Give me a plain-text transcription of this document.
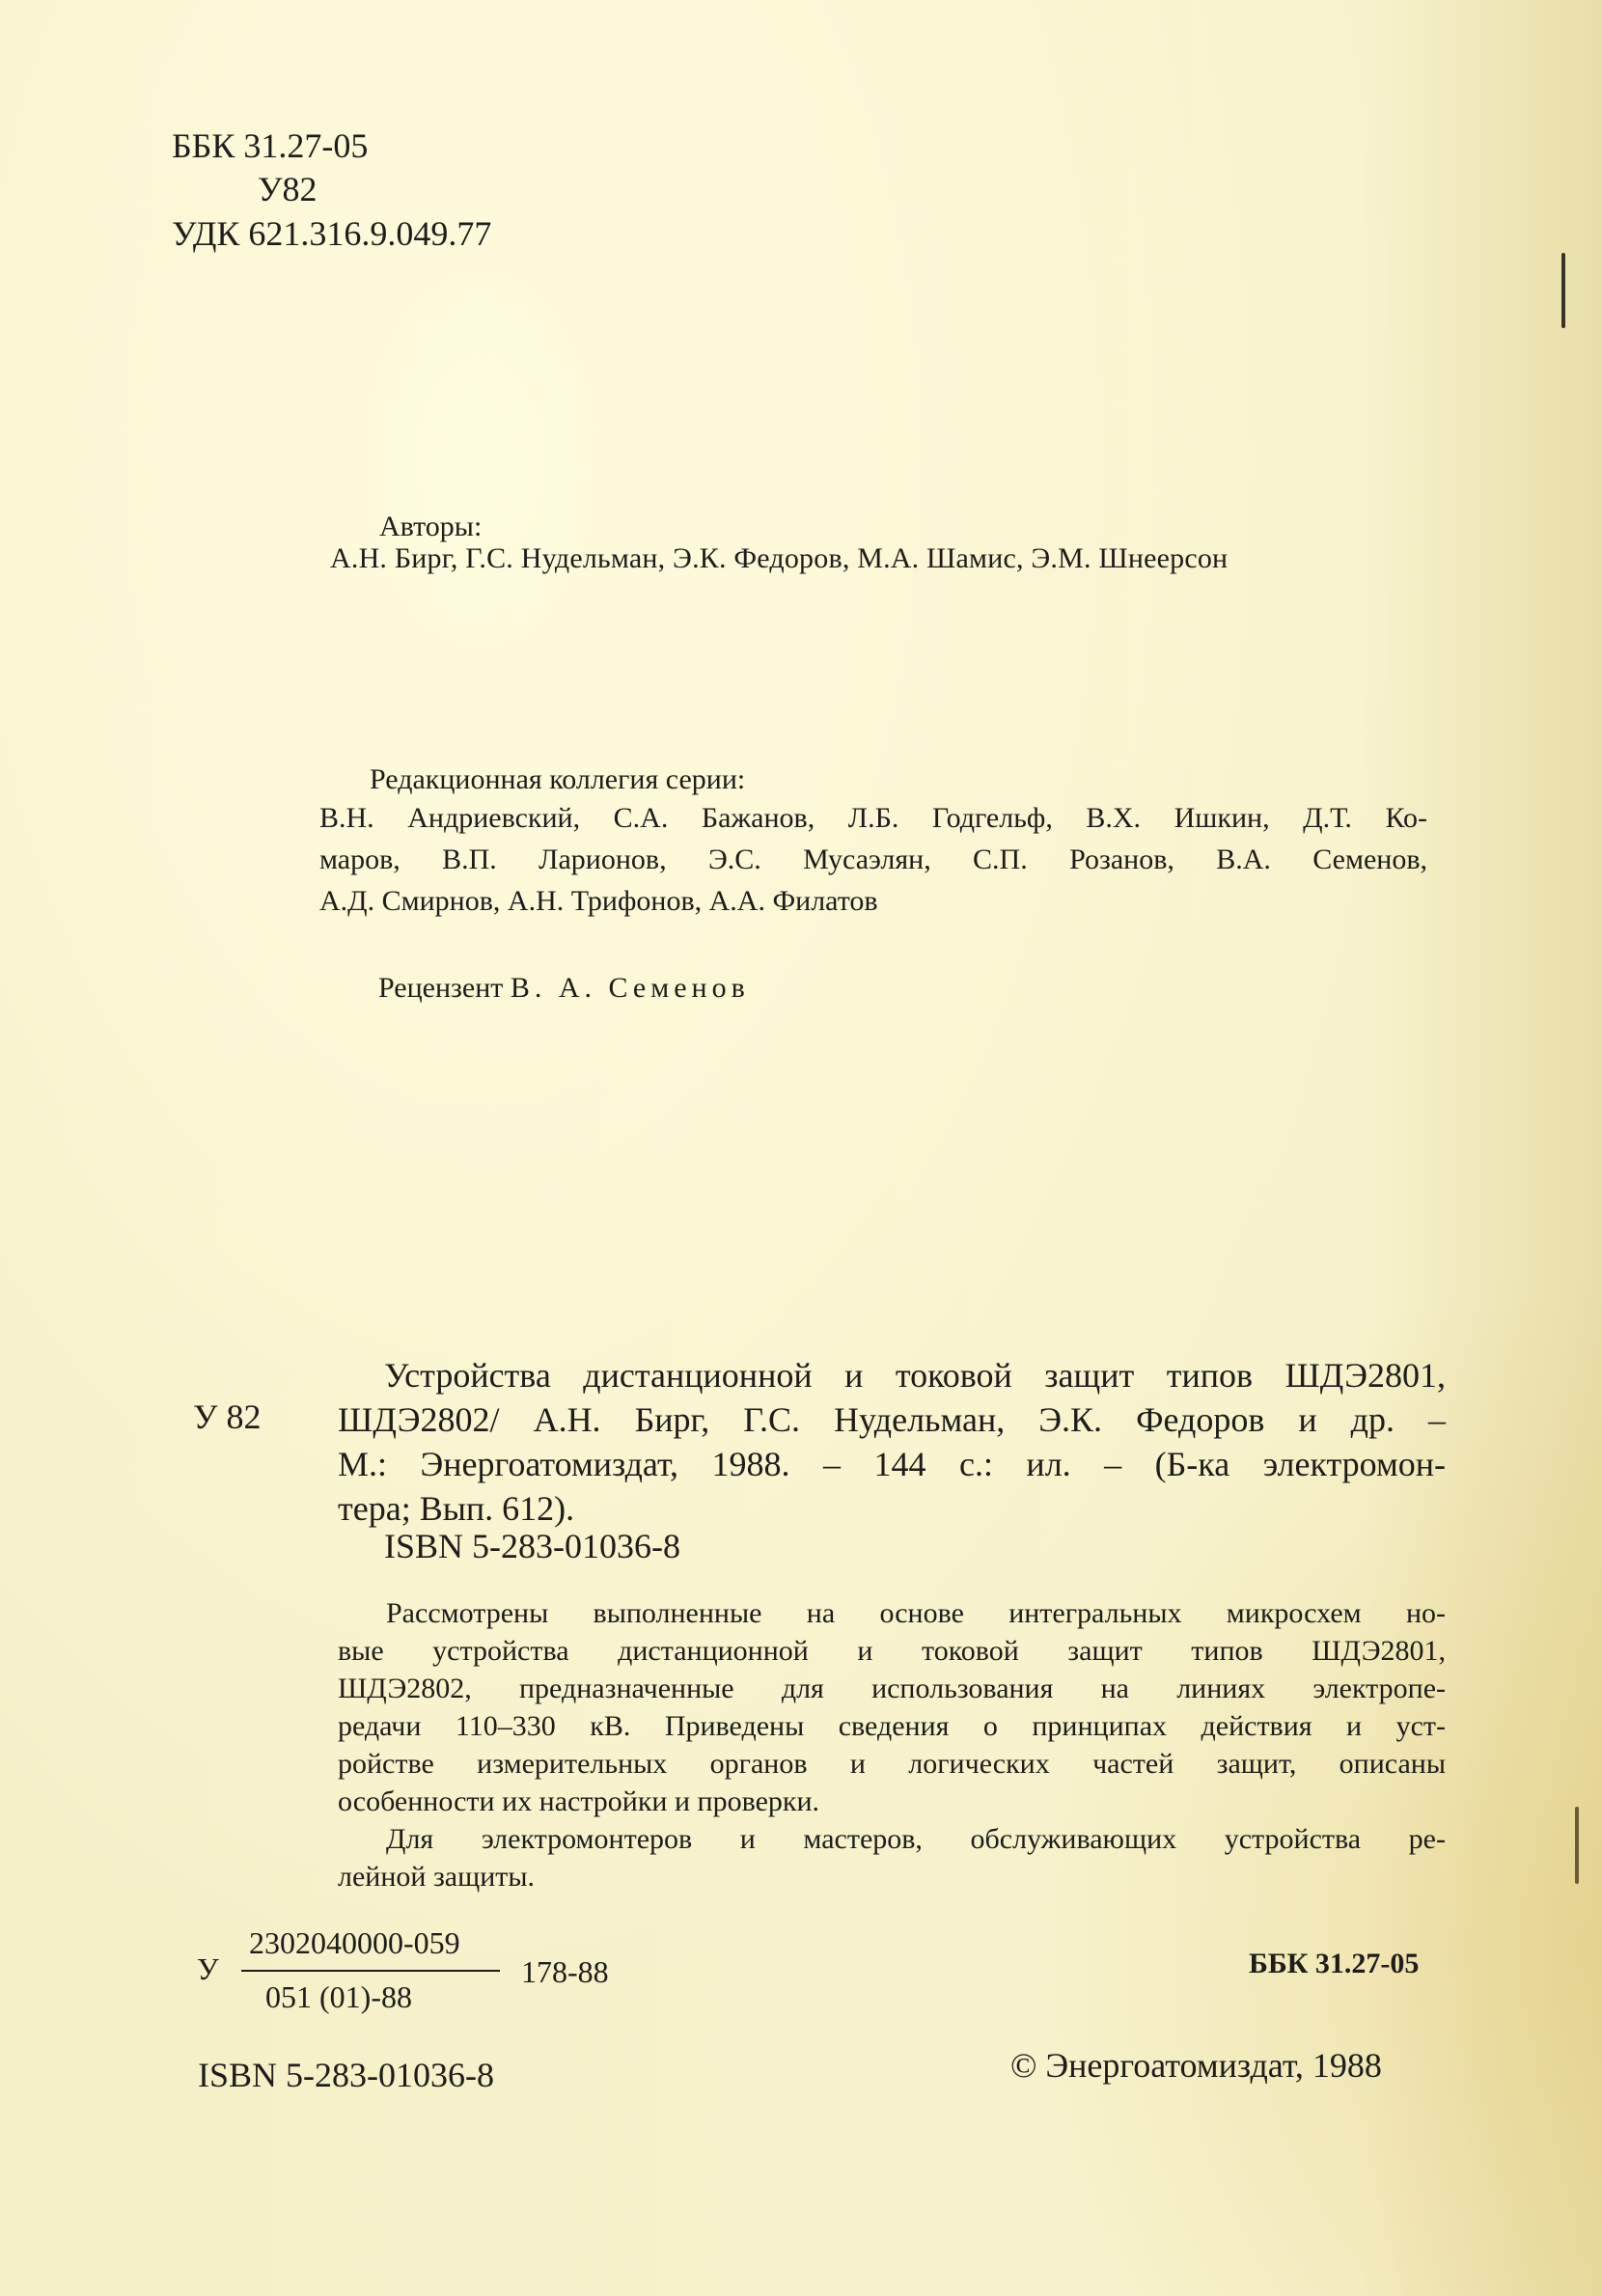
ББК 31.27-05
У82
УДК 621.316.9.049.77
Авторы:
А.Н. Бирг, Г.С. Нудельман, Э.К. Федоров, М.А. Шамис, Э.М. Шнеерсон
Редакционная коллегия серии:
В.Н. Андриевский, С.А. Бажанов, Л.Б. Годгельф, В.Х. Ишкин, Д.Т. Ко-
маров, В.П. Ларионов, Э.С. Мусаэлян, С.П. Розанов, В.А. Семенов,
А.Д. Смирнов, А.Н. Трифонов, А.А. Филатов
Рецензент В. А. Семенов
У 82
Устройства дистанционной и токовой защит типов ШДЭ2801,
ШДЭ2802/ А.Н. Бирг, Г.С. Нудельман, Э.К. Федоров и др. –
М.: Энергоатомиздат, 1988. – 144 с.: ил. – (Б-ка электромон-
тера; Вып. 612).
ISBN 5-283-01036-8
Рассмотрены выполненные на основе интегральных микросхем но-
вые устройства дистанционной и токовой защит типов ШДЭ2801,
ШДЭ2802, предназначенные для использования на линиях электропе-
редачи 110–330 кВ. Приведены сведения о принципах действия и уст-
ройстве измерительных органов и логических частей защит, описаны
особенности их настройки и проверки.
Для электромонтеров и мастеров, обслуживающих устройства ре-
лейной защиты.
У
2302040000-059
051 (01)-88
178-88	ББК 31.27-05
ISBN 5-283-01036-8	© Энергоатомиздат, 1988
